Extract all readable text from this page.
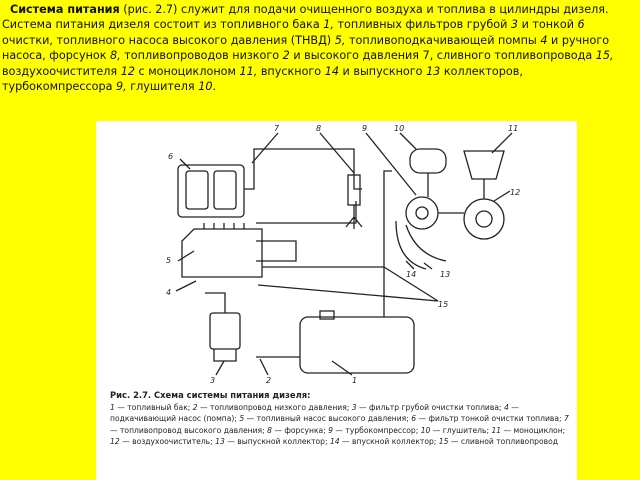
Система питания (рис. 2.7) служит для подачи очищенного воздуха и топлива в цилиндры дизеля. Система питания дизеля состоит из топливного бака 1, топливных фильтров грубой 3 и тонкой 6 очистки, топливного насоса высокого давления (ТНВД) 5, топливоподкачивающей помпы 4 и ручного насоса, форсунок 8, топливопроводов низкого 2 и высокого давления 7, сливного топливопровода 15, воздухоочистителя 12 с моноциклоном 11, впускного 14 и выпускного 13 коллекторов, турбокомпрессора 9, глушителя 10.
7	8	9	10	11
12
6
5
4
3	2	1
14	13
15
Рис. 2.7. Схема системы питания дизеля:
1 — топливный бак; 2 — топливопровод низкого давления; 3 — фильтр грубой очистки топлива; 4 — подкачивающий насос (помпа); 5 — топливный насос высокого давления; 6 — фильтр тонкой очистки топлива; 7 — топливопровод высокого давления; 8 — форсунка; 9 — турбокомпрессор; 10 — глушитель; 11 — моноциклон; 12 — воздухоочиститель; 13 — выпускной коллектор; 14 — впускной коллектор; 15 — сливной топливопровод
